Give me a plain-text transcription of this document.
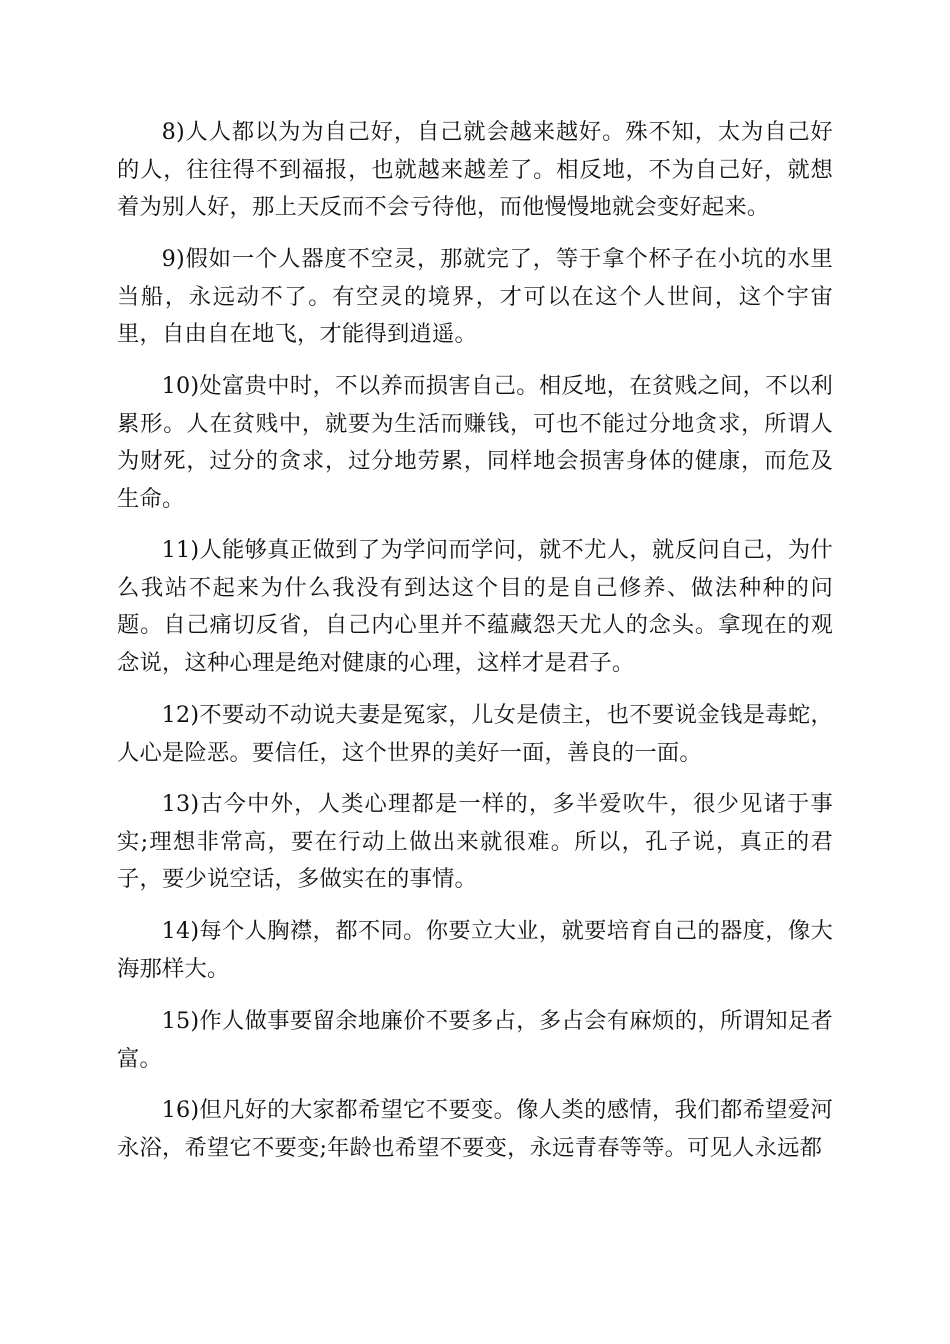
8)人人都以为为自己好，自己就会越来越好。殊不知，太为自己好的人，往往得不到福报，也就越来越差了。相反地，不为自己好，就想着为别人好，那上天反而不会亏待他，而他慢慢地就会变好起来。

9)假如一个人器度不空灵，那就完了，等于拿个杯子在小坑的水里当船，永远动不了。有空灵的境界，才可以在这个人世间，这个宇宙里，自由自在地飞，才能得到逍遥。

10)处富贵中时，不以养而损害自己。相反地，在贫贱之间，不以利累形。人在贫贱中，就要为生活而赚钱，可也不能过分地贪求，所谓人为财死，过分的贪求，过分地劳累，同样地会损害身体的健康，而危及生命。

11)人能够真正做到了为学问而学问，就不尤人，就反问自己，为什么我站不起来为什么我没有到达这个目的是自己修养、做法种种的问题。自己痛切反省，自己内心里并不蕴藏怨天尤人的念头。拿现在的观念说，这种心理是绝对健康的心理，这样才是君子。

12)不要动不动说夫妻是冤家，儿女是债主，也不要说金钱是毒蛇，人心是险恶。要信任，这个世界的美好一面，善良的一面。

13)古今中外，人类心理都是一样的，多半爱吹牛，很少见诸于事实;理想非常高，要在行动上做出来就很难。所以，孔子说，真正的君子，要少说空话，多做实在的事情。

14)每个人胸襟，都不同。你要立大业，就要培育自己的器度，像大海那样大。

15)作人做事要留余地廉价不要多占，多占会有麻烦的，所谓知足者富。

16)但凡好的大家都希望它不要变。像人类的感情，我们都希望爱河永浴，希望它不要变;年龄也希望不要变，永远青春等等。可见人永远都
